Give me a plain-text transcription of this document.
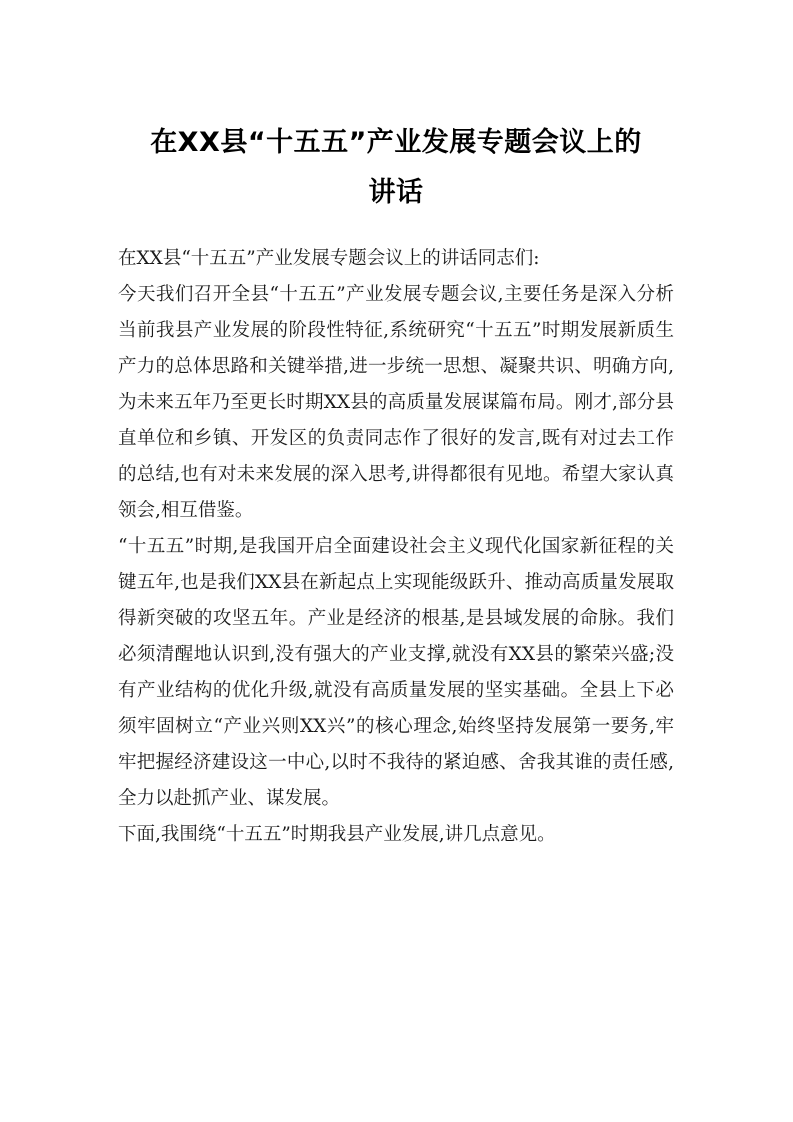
在XX县“十五五”产业发展专题会议上的
讲话

在XX县“十五五”产业发展专题会议上的讲话同志们:

今天我们召开全县“十五五”产业发展专题会议,主要任务是深入分析当前我县产业发展的阶段性特征,系统研究“十五五”时期发展新质生产力的总体思路和关键举措,进一步统一思想、凝聚共识、明确方向,为未来五年乃至更长时期XX县的高质量发展谋篇布局。刚才,部分县直单位和乡镇、开发区的负责同志作了很好的发言,既有对过去工作的总结,也有对未来发展的深入思考,讲得都很有见地。希望大家认真领会,相互借鉴。

“十五五”时期,是我国开启全面建设社会主义现代化国家新征程的关键五年,也是我们XX县在新起点上实现能级跃升、推动高质量发展取得新突破的攻坚五年。产业是经济的根基,是县域发展的命脉。我们必须清醒地认识到,没有强大的产业支撑,就没有XX县的繁荣兴盛;没有产业结构的优化升级,就没有高质量发展的坚实基础。全县上下必须牢固树立“产业兴则XX兴”的核心理念,始终坚持发展第一要务,牢牢把握经济建设这一中心,以时不我待的紧迫感、舍我其谁的责任感,全力以赴抓产业、谋发展。

下面,我围绕“十五五”时期我县产业发展,讲几点意见。
